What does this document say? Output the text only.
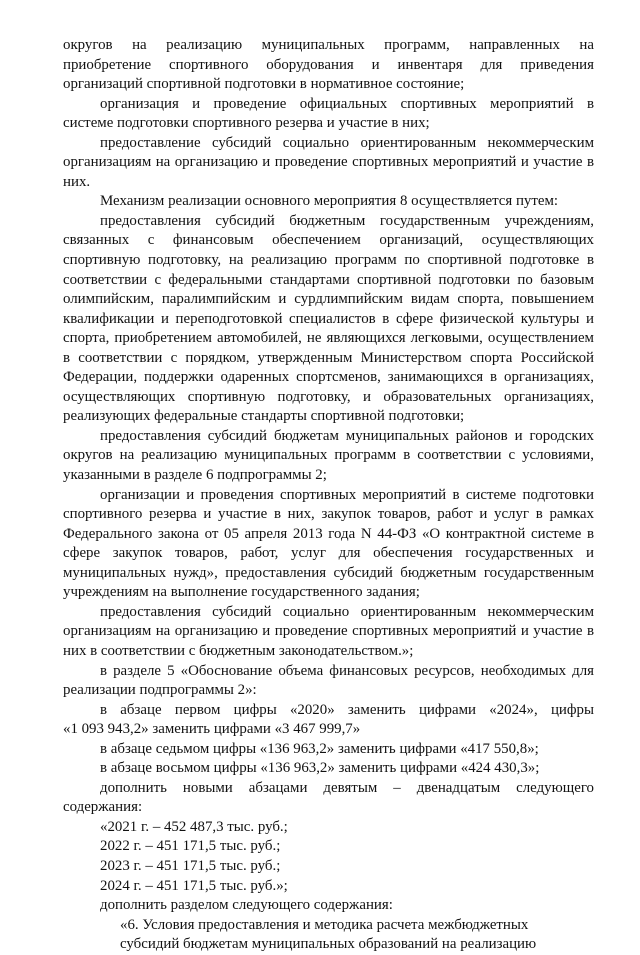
округов на реализацию муниципальных программ, направленных на
приобретение спортивного оборудования и инвентаря для приведения
организаций спортивной подготовки в нормативное состояние;
организация и проведение официальных спортивных мероприятий в
системе подготовки спортивного резерва и участие в них;
предоставление субсидий социально ориентированным некоммерческим
организациям на организацию и проведение спортивных мероприятий и участие в
них.
Механизм реализации основного мероприятия 8 осуществляется путем:
предоставления субсидий бюджетным государственным учреждениям,
связанных с финансовым обеспечением организаций, осуществляющих
спортивную подготовку, на реализацию программ по спортивной подготовке в
соответствии с федеральными стандартами спортивной подготовки по базовым
олимпийским, паралимпийским и сурдлимпийским видам спорта, повышением
квалификации и переподготовкой специалистов в сфере физической культуры и
спорта, приобретением автомобилей, не являющихся легковыми, осуществлением
в соответствии с порядком, утвержденным Министерством спорта Российской
Федерации, поддержки одаренных спортсменов, занимающихся в организациях,
осуществляющих спортивную подготовку, и образовательных организациях,
реализующих федеральные стандарты спортивной подготовки;
предоставления субсидий бюджетам муниципальных районов и городских
округов на реализацию муниципальных программ в соответствии с условиями,
указанными в разделе 6 подпрограммы 2;
организации и проведения спортивных мероприятий в системе подготовки
спортивного резерва и участие в них, закупок товаров, работ и услуг в рамках
Федерального закона от 05 апреля 2013 года N 44-ФЗ «О контрактной системе в
сфере закупок товаров, работ, услуг для обеспечения государственных и
муниципальных нужд», предоставления субсидий бюджетным государственным
учреждениям на выполнение государственного задания;
предоставления субсидий социально ориентированным некоммерческим
организациям на организацию и проведение спортивных мероприятий и участие в
них в соответствии с бюджетным законодательством.»;
в разделе 5 «Обоснование объема финансовых ресурсов, необходимых для
реализации подпрограммы 2»:
в абзаце первом цифры «2020» заменить цифрами «2024», цифры
«1 093 943,2» заменить цифрами «3 467 999,7»
в абзаце седьмом цифры «136 963,2» заменить цифрами «417 550,8»;
в абзаце восьмом цифры «136 963,2» заменить цифрами «424 430,3»;
дополнить новыми абзацами девятым – двенадцатым следующего
содержания:
«2021 г. – 452 487,3 тыс. руб.;
2022 г. – 451 171,5 тыс. руб.;
2023 г. – 451 171,5 тыс. руб.;
2024 г. – 451 171,5 тыс. руб.»;
дополнить разделом следующего содержания:
«6. Условия предоставления и методика расчета межбюджетных
субсидий бюджетам муниципальных образований на реализацию
